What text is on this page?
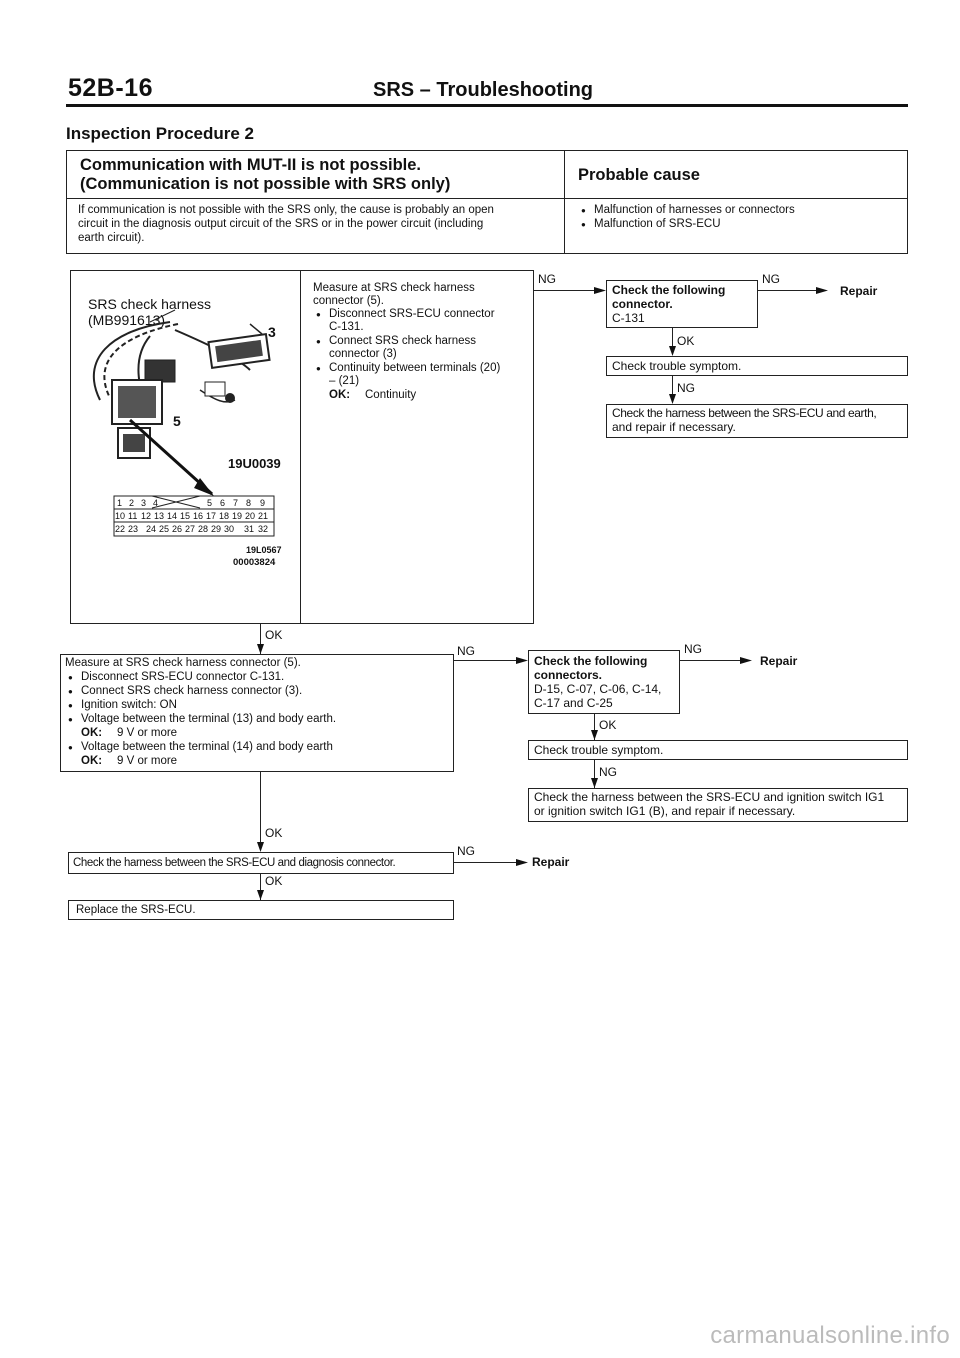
52B-16	SRS – Troubleshooting
Inspection Procedure 2
Communication with MUT-II is not possible.
(Communication is not possible with SRS only)	Probable cause
If communication is not possible with the SRS only, the cause is probably an open
circuit in the diagnosis output circuit of the SRS or in the power circuit (including
earth circuit).
● Malfunction of harnesses or connectors
● Malfunction of SRS-ECU
SRS check harness
(MB991613)
3
5
19U0039
1 2 3 4	5 6 7 8 9
10 11 12 13 14 15 16 17 18 19 20 21
22 23 24 25 26 27 28 29 30 31 32
19L0567
00003824
Measure at SRS check harness
connector (5).
● Disconnect SRS-ECU connector
C-131.
● Connect SRS check harness
connector (3)
● Continuity between terminals (20)
– (21)
OK: Continuity
NG
Check the following
connector.
C-131
NG
Repair
OK
Check trouble symptom.
NG
Check the harness between the SRS-ECU and earth,
and repair if necessary.
OK
Measure at SRS check harness connector (5).
● Disconnect SRS-ECU connector C-131.
● Connect SRS check harness connector (3).
● Ignition switch: ON
● Voltage between the terminal (13) and body earth.
OK: 9 V or more
● Voltage between the terminal (14) and body earth
OK: 9 V or more
NG
Check the following
connectors.
D-15, C-07, C-06, C-14,
C-17 and C-25
NG
Repair
OK
Check trouble symptom.
NG
Check the harness between the SRS-ECU and ignition switch IG1
or ignition switch IG1 (B), and repair if necessary.
OK
Check the harness between the SRS-ECU and diagnosis connector.
NG
Repair
OK
Replace the SRS-ECU.
carmanualsonline.info
